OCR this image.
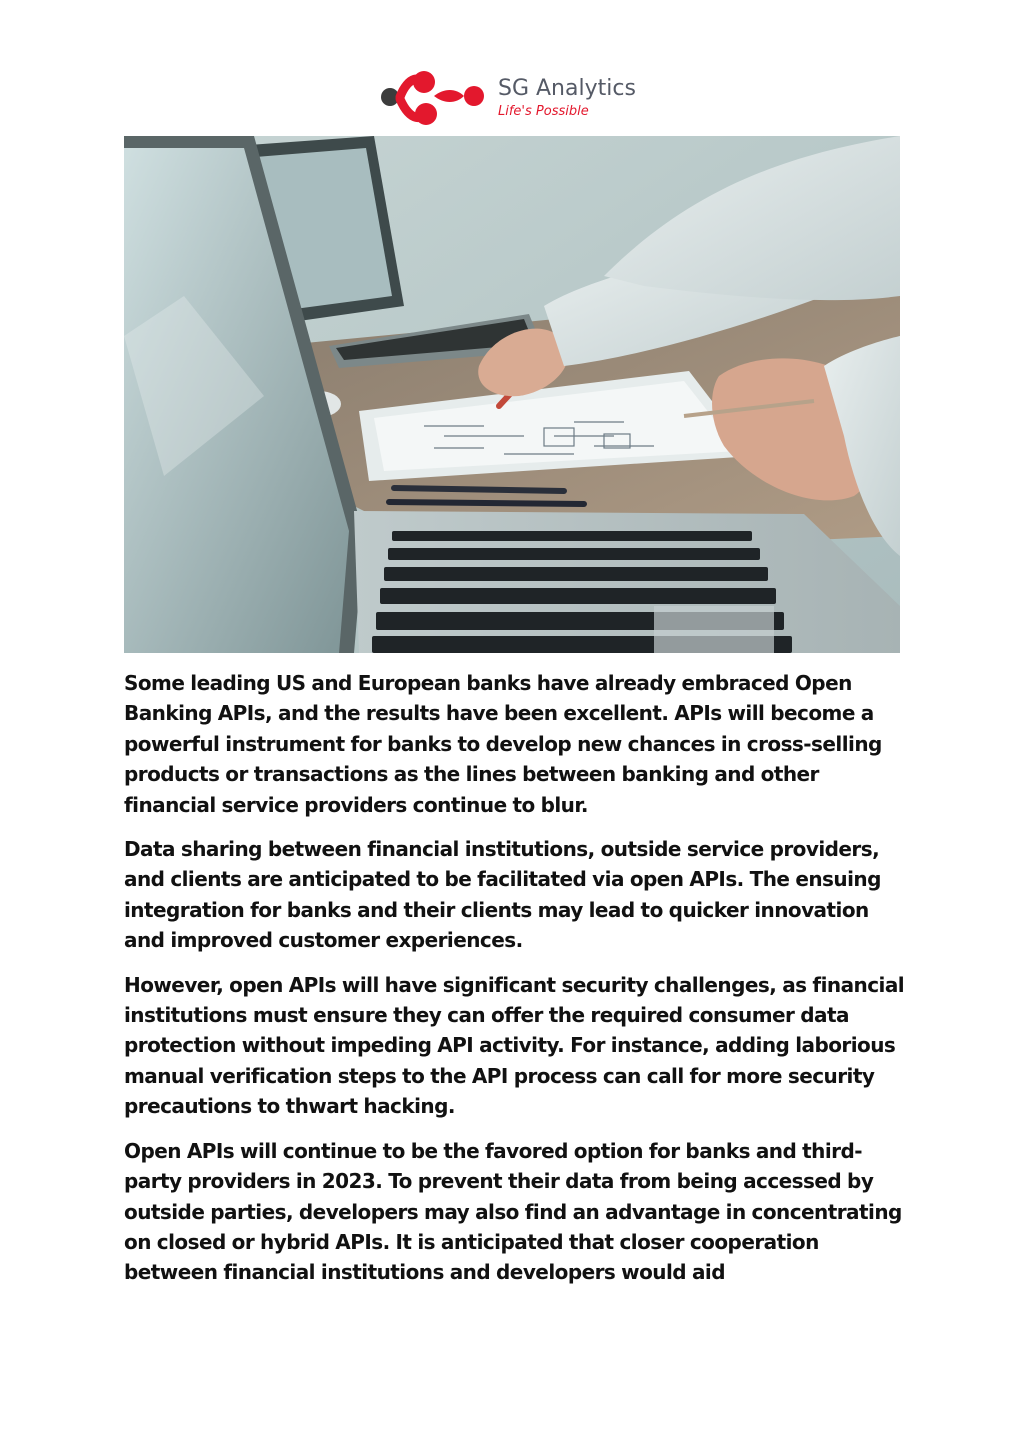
SG Analytics
Life's Possible

Some leading US and European banks have already embraced Open Banking APIs, and the results have been excellent. APIs will become a powerful instrument for banks to develop new chances in cross-selling products or transactions as the lines between banking and other financial service providers continue to blur.

Data sharing between financial institutions, outside service providers, and clients are anticipated to be facilitated via open APIs. The ensuing integration for banks and their clients may lead to quicker innovation and improved customer experiences.

However, open APIs will have significant security challenges, as financial institutions must ensure they can offer the required consumer data protection without impeding API activity. For instance, adding laborious manual verification steps to the API process can call for more security precautions to thwart hacking.

Open APIs will continue to be the favored option for banks and third-party providers in 2023. To prevent their data from being accessed by outside parties, developers may also find an advantage in concentrating on closed or hybrid APIs. It is anticipated that closer cooperation between financial institutions and developers would aid
